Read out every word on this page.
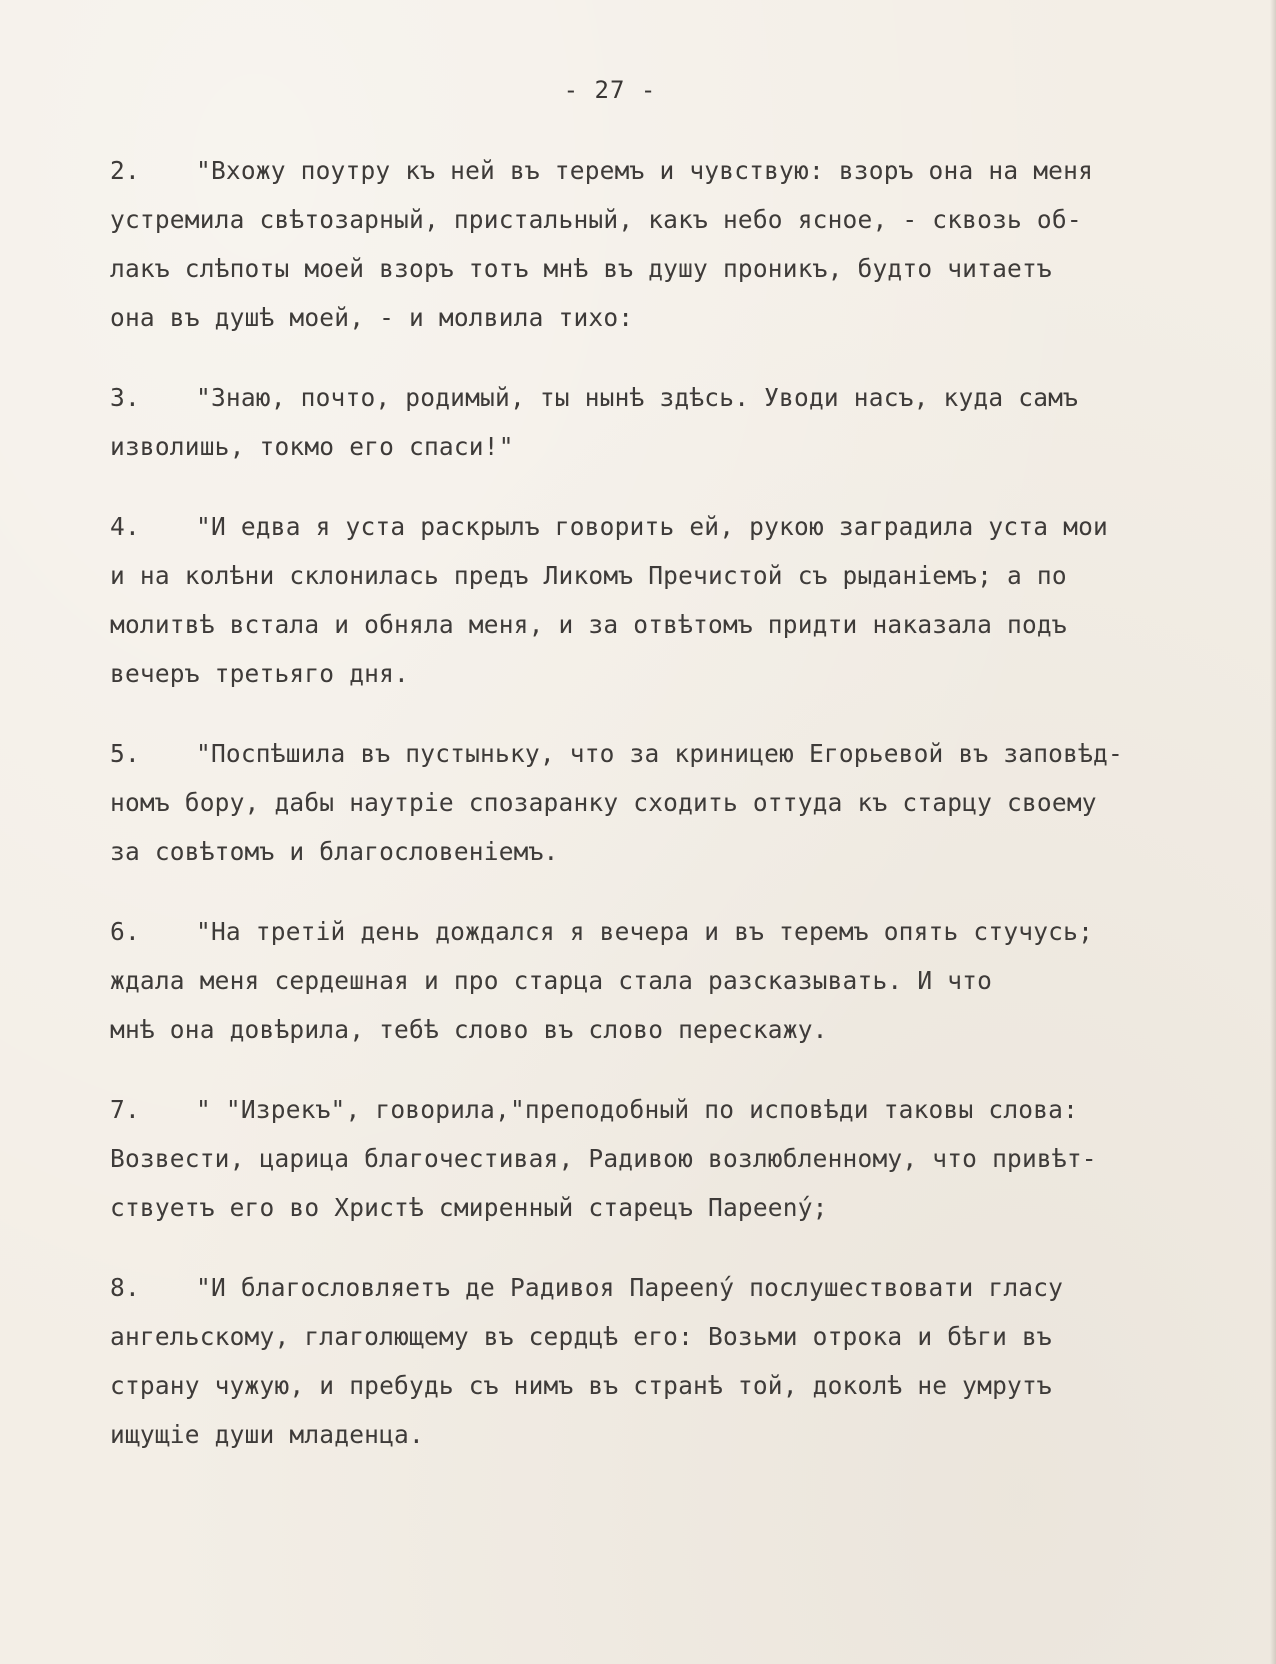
- 27 -

2. "Вхожу поутру къ ней въ теремъ и чувствую: взоръ она на меня
устремила свѣтозарный, пристальный, какъ небо ясное, - сквозь об-
лакъ слѣпоты моей взоръ тотъ мнѣ въ душу проникъ, будто читаетъ
она въ душѣ моей, - и молвила тихо:

3. "Знаю, почто, родимый, ты нынѣ здѣсь. Уводи насъ, куда самъ
изволишь, токмо его спаси!"

4. "И едва я уста раскрылъ говорить ей, рукою заградила уста мои
и на колѣни склонилась предъ Ликомъ Пречистой съ рыданіемъ; а по
молитвѣ встала и обняла меня, и за отвѣтомъ придти наказала подъ
вечеръ третьяго дня.

5. "Поспѣшила въ пустыньку, что за криницею Егорьевой въ заповѣд-
номъ бору, дабы наутріе спозаранку сходить оттуда къ старцу своему
за совѣтомъ и благословеніемъ.

6. "На третій день дождался я вечера и въ теремъ опять стучусь;
ждала меня сердешная и про старца стала разсказывать. И что
мнѣ она довѣрила, тебѣ слово въ слово перескажу.

7. " "Изрекъ", говорила,"преподобный по исповѣди таковы слова:
Возвести, царица благочестивая, Радивою возлюбленному, что привѣт-
ствуетъ его во Христѣ смиренный старецъ Пареený;

8. "И благословляетъ де Радивоя Пареený послушествовати гласу
ангельскому, глаголющему въ сердцѣ его: Возьми отрока и бѣги въ
страну чужую, и пребудь съ нимъ въ странѣ той, доколѣ не умрутъ
ищущіе души младенца.
